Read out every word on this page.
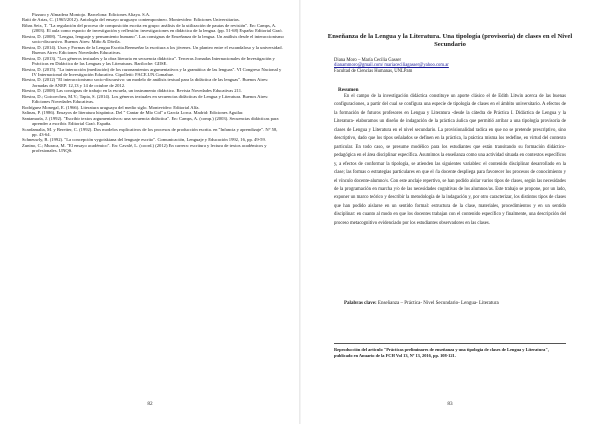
Pizzaro y Almadera Montojo. Barcelona: Ediciones Altaya. S.A.
Raiti de Arias, C. (1965/2012). Antología del ensayo uruguayo contemporáneo. Montevideo: Ediciones Universitarias.
Ribas Seix, T. "La regulación del proceso de composición escrita en grupo: análisis de la utilización de pautas de revisión". En: Camps, A. (2003). El aula como espacio de investigación y reflexión: investigaciones en didáctica de la lengua. (pp. 51-68) España: Editorial Graó.
Riestra, D. (2008). "Lengua, lenguaje y pensamiento humano". Las consignas de Enseñanza de la lengua. Un análisis desde el interaccionismo socio-discursivo. Buenos Aires: Miño & Dávila.
Riestra, D. (2014). Usos y Formas de la Lengua Escrita.Reenseñar la escritura a los jóvenes. Un planteo entre el escandaloso y la universidad. Buenos Aires: Ediciones Novedades Educativas.
Riestra, D. (2013). "Los géneros textuales y la obra literaria en secuencia didáctica". Terceras Jornadas Internacionales de Investigación y Prácticas en Didáctica de las Lenguas y las Literaturas. Bariloche: GIISE.
Riestra, D. (2015). "La interacción (mediación) de los razonamientos argumentativos y la gramática de las lenguas". VI Congreso Nacional y IV Internacional de Investigación Educativa. Cipolletti: FACE.UN.Comahue.
Riestra, D. (2012) "El interaccionismo socio-discursivo: un modelo de análisis textual para la didáctica de las lenguas". Buenos Aires: Jornadas de ANEP. 12,13 y 14 de octubre de 2012.
Riestra, D. (2008) Las consignas de trabajo en la escuela, un instrumento didáctico. Revista Novedades Educativas 211.
Riestra, D.; Goicoechea, M.V.; Tapia, S. (2014). Los géneros textuales en secuencias didácticas de Lengua y Literatura. Buenos Aires: Ediciones Novedades Educativas.
Rodríguez Monegal, E. (1966). Literatura uruguaya del medio siglo. Montevideo: Editorial Alfa.
Salinas, P. (1986). Ensayos de literatura hispánica. Del " Cantar de Mío Cid" a García Lorca. Madrid: Ediciones Aguilar.
Santamaría, J. (1992). "Escribir textos argumentativos: una secuencia didáctica". En: Camps, A. (comp.) (2003). Secuencias didácticas para aprender a escribir. Editorial Graó. España.
Scardamalia, M. y Bereiter, C. (1992). Dos modelos explicativos de los procesos de producción escrita. en "Infancia y aprendizaje". N° 58, pp. 43-64.
Schneuwly, B. (1992). "La concepción vygotskiana del lenguaje escrito". Comunicación, Lenguaje y Educación 1992, 16, pp. 49-59.
Zunino, C.; Muraca, M. "El ensayo académico". En: Cavalé, L. (coord.) (2012) En carrera: escritura y lectura de textos académicos y profesionales. UNQS.
82
Enseñanza de la Lengua y la Literatura. Una tipología (provisoria) de clases en el Nivel Secundario
Diana Moro – María Cecilia Gasser
dianammoro@gmail.com/ mariaceciliagasser@yahoo.com.ar
Facultad de Ciencias Humanas, UNLPam
Resumen

En el campo de la investigación didáctica constituye un aporte clásico el de Edith Litwin acerca de las buenas configuraciones, a partir del cual se configura una especie de tipología de clases en el ámbito universitario. A efectos de la formación de futuros profesores en Lengua y Literatura -desde la cátedra de Práctica I. Didáctica de Lengua y la Literatura- elaboramos un diseño de indagación de la práctica áulica que permitió arribar a una tipología provisoria de clases de Lengua y Literatura en el nivel secundario. La provisionalidad radica en que no se pretende prescriptivo, sino descriptivo, dado que los tipos señalados se definen en la práctica, la práctica misma los redefine, en virtud del contexto particular. En todo caso, se presume modélico para los estudiantes que están transitando su formación didáctico- pedagógica en el área disciplinar específica. Asumimos la enseñanza como una actividad situada en contextos específicos y, a efectos de conformar la tipología, se atienden las siguientes variables: el contenido disciplinar desarrollado en la clase; las formas o estrategias particulares en que el /la docente despliega para favorecer los procesos de conocimiento y el vínculo docente-alumno/s. Con este anclaje repertivo, se han podido aislar varios tipos de clases, según las necesidades de la programación en marcha y/o de las necesidades cognitivas de los alumnos/as. Este trabajo se propone, por un lado, exponer un marco teórico y describir la metodología de la indagación y, por otro caracterizar, los distintos tipos de clases que han podido aislarse en un sentido formal: estructura de la clase, materiales, procedimientos y en un sentido disciplinar: en cuanto al modo en que los docentes trabajan con el contenido específico y finalmente, una descripción del proceso metacognitivo evidenciado por los estudiantes observadores en las clases.

Palabras clave: Enseñanza – Práctica- Nivel Secundario- Lengua- Literatura
Reproducción del artículo "Prácticas preliminares de enseñanza y una tipología de clases de Lengua y Literatura", publicado en Anuario de la FCH Vol 13, Nº 13, 2016, pp. 108-121.
83
